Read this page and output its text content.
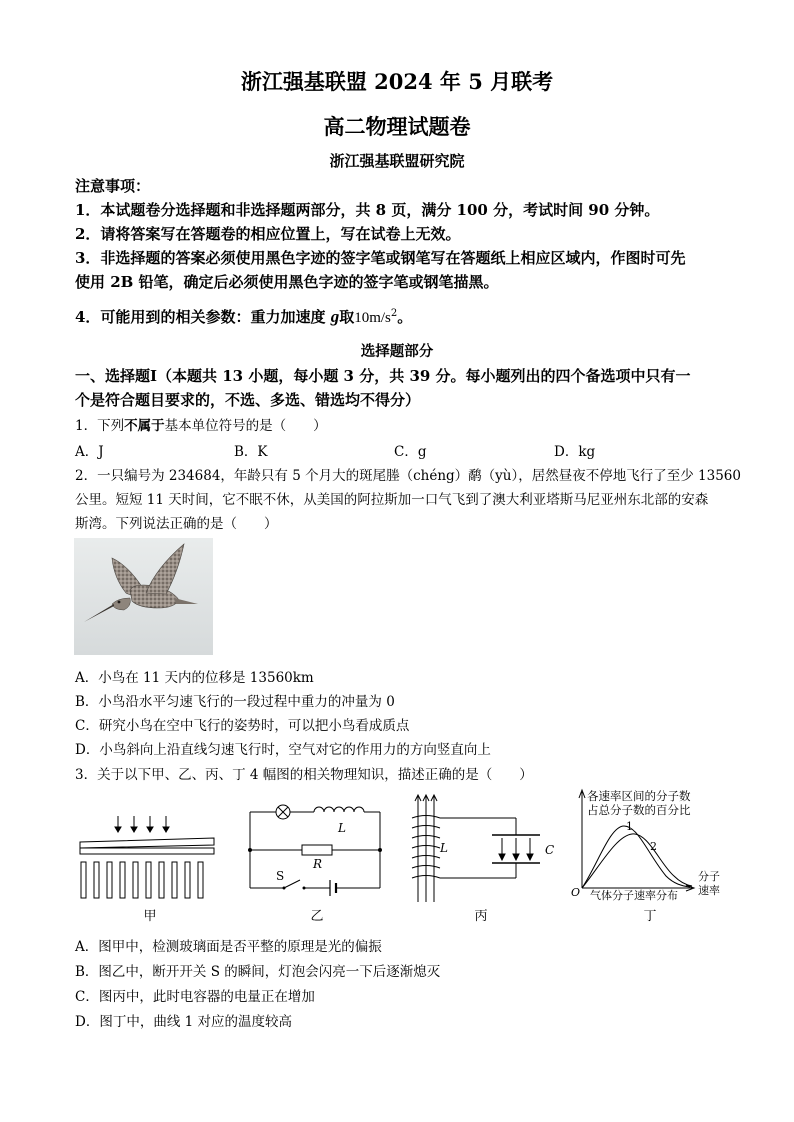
浙江强基联盟 2024 年 5 月联考
高二物理试题卷
浙江强基联盟研究院
注意事项：
1．本试题卷分选择题和非选择题两部分，共 8 页，满分 100 分，考试时间 90 分钟。
2．请将答案写在答题卷的相应位置上，写在试卷上无效。
3．非选择题的答案必须使用黑色字迹的签字笔或钢笔写在答题纸上相应区域内，作图时可先
使用 2B 铅笔，确定后必须使用黑色字迹的签字笔或钢笔描黑。
4．可能用到的相关参数：重力加速度 g取$10m/s^2$。
选择题部分
一、选择题Ⅰ（本题共 13 小题，每小题 3 分，共 39 分。每小题列出的四个备选项中只有一
个是符合题目要求的，不选、多选、错选均不得分）
1．下列不属于基本单位符号的是（　　）
A．J	B．K	C．g	D．kg
2．一只编号为 234684，年龄只有 5 个月大的斑尾塍（chéng）鹬（yù），居然昼夜不停地飞行了至少 13560
公里。短短 11 天时间，它不眠不休，从美国的阿拉斯加一口气飞到了澳大利亚塔斯马尼亚州东北部的安森
斯湾。下列说法正确的是（　　）
A．小鸟在 11 天内的位移是 13560km
B．小鸟沿水平匀速飞行的一段过程中重力的冲量为 0
C．研究小鸟在空中飞行的姿势时，可以把小鸟看成质点
D．小鸟斜向上沿直线匀速飞行时，空气对它的作用力的方向竖直向上
3．关于以下甲、乙、丙、丁 4 幅图的相关物理知识，描述正确的是（　　）
甲
L
R
S
乙
L	C
丙
各速率区间的分子数
占总分子数的百分比
1
2
O
分子
速率
气体分子速率分布
丁
A．图甲中，检测玻璃面是否平整的原理是光的偏振
B．图乙中，断开开关 S 的瞬间，灯泡会闪亮一下后逐渐熄灭
C．图丙中，此时电容器的电量正在增加
D．图丁中，曲线 1 对应的温度较高
